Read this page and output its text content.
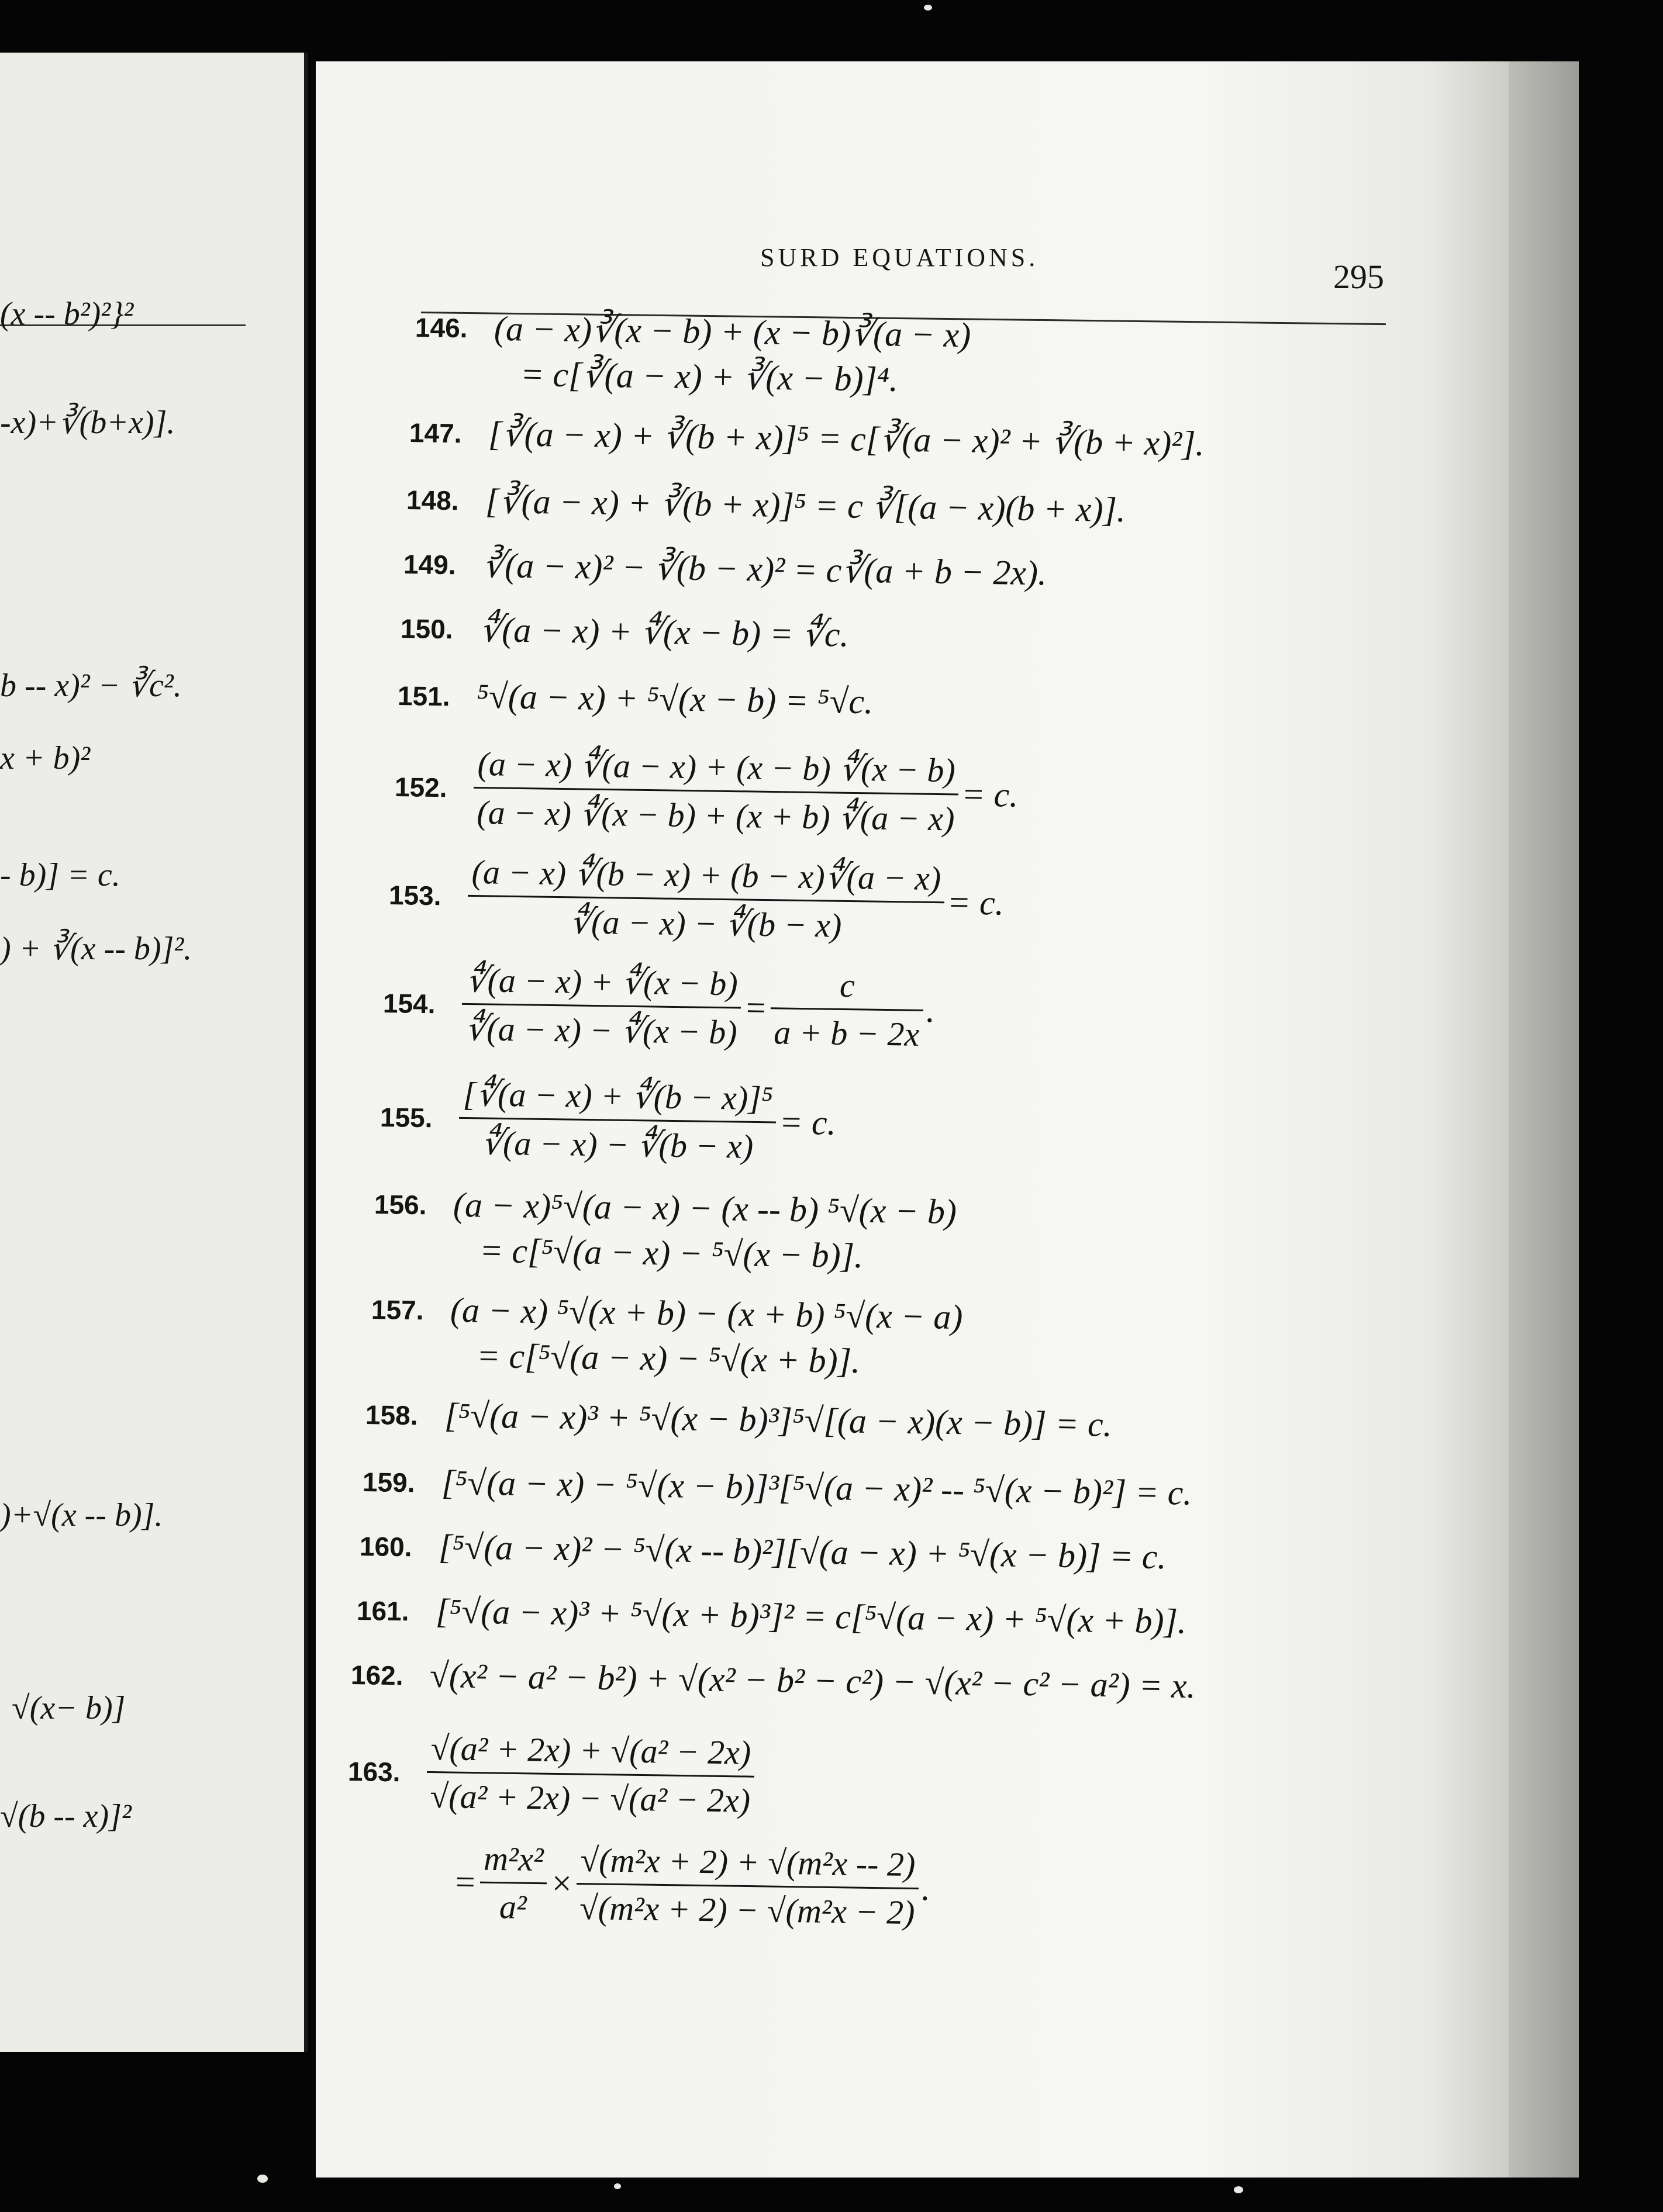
(x -- b²)²}²
-x)+∛(b+x)].
b -- x)² − ∛c².
x + b)²
- b)] = c.
) + ∛(x -- b)]².
)+√(x -- b)].
√(x− b)]
√(b -- x)]²
SURD EQUATIONS.
295
146. (a − x)∛(x − b) + (x − b)∛(a − x)
= c[∛(a − x) + ∛(x − b)]⁴.
147. [∛(a − x) + ∛(b + x)]⁵ = c[∛(a − x)² + ∛(b + x)²].
148. [∛(a − x) + ∛(b + x)]⁵ = c ∛[(a − x)(b + x)].
149. ∛(a − x)² − ∛(b − x)² = c∛(a + b − 2x).
150. ∜(a − x) + ∜(x − b) = ∜c.
151. ⁵√(a − x) + ⁵√(x − b) = ⁵√c.
152. $\frac{(a - x) ∜(a - x) + (x - b) ∜(x - b)}{(a - x) ∜(x - b) + (x + b) ∜(a - x)} = c$.
153. $\frac{(a - x) ∜(b - x) + (b - x)∜(a - x)}{∜(a - x) - ∜(b - x)} = c$.
154. $\frac{∜(a - x) + ∜(x - b)}{∜(a - x) - ∜(x - b)} = \frac{c}{a + b - 2x}$ .
155. $\frac{\text{[∜(a − x) + ∜(b − x)]⁵}}{∜(a - x) - ∜(b - x)} = c$.
156. (a − x)⁵√(a − x) − (x -- b) ⁵√(x − b)
= c[⁵√(a − x) − ⁵√(x − b)].
157. (a − x) ⁵√(x + b) − (x + b) ⁵√(x − a)
= c[⁵√(a − x) − ⁵√(x + b)].
158. [⁵√(a − x)³ + ⁵√(x − b)³]⁵√[(a − x)(x − b)] = c.
159. [⁵√(a − x) − ⁵√(x − b)]³[⁵√(a − x)² -- ⁵√(x − b)²] = c.
160. [⁵√(a − x)² − ⁵√(x -- b)²][√(a − x) + ⁵√(x − b)] = c.
161. [⁵√(a − x)³ + ⁵√(x + b)³]² = c[⁵√(a − x) + ⁵√(x + b)].
162. √(x² − a² − b²) + √(x² − b² − c²) − √(x² − c² − a²) = x.
163. $\frac{\text{√(a² + 2x) + √(a² − 2x)}}{\text{√(a² + 2x) − √(a² − 2x)}}$
= $\frac{\text{m²x²}}{\text{a²}} \times \frac{\text{√(m²x + 2) + √(m²x -- 2)}}{\text{√(m²x + 2) − √(m²x − 2)}}$ .
